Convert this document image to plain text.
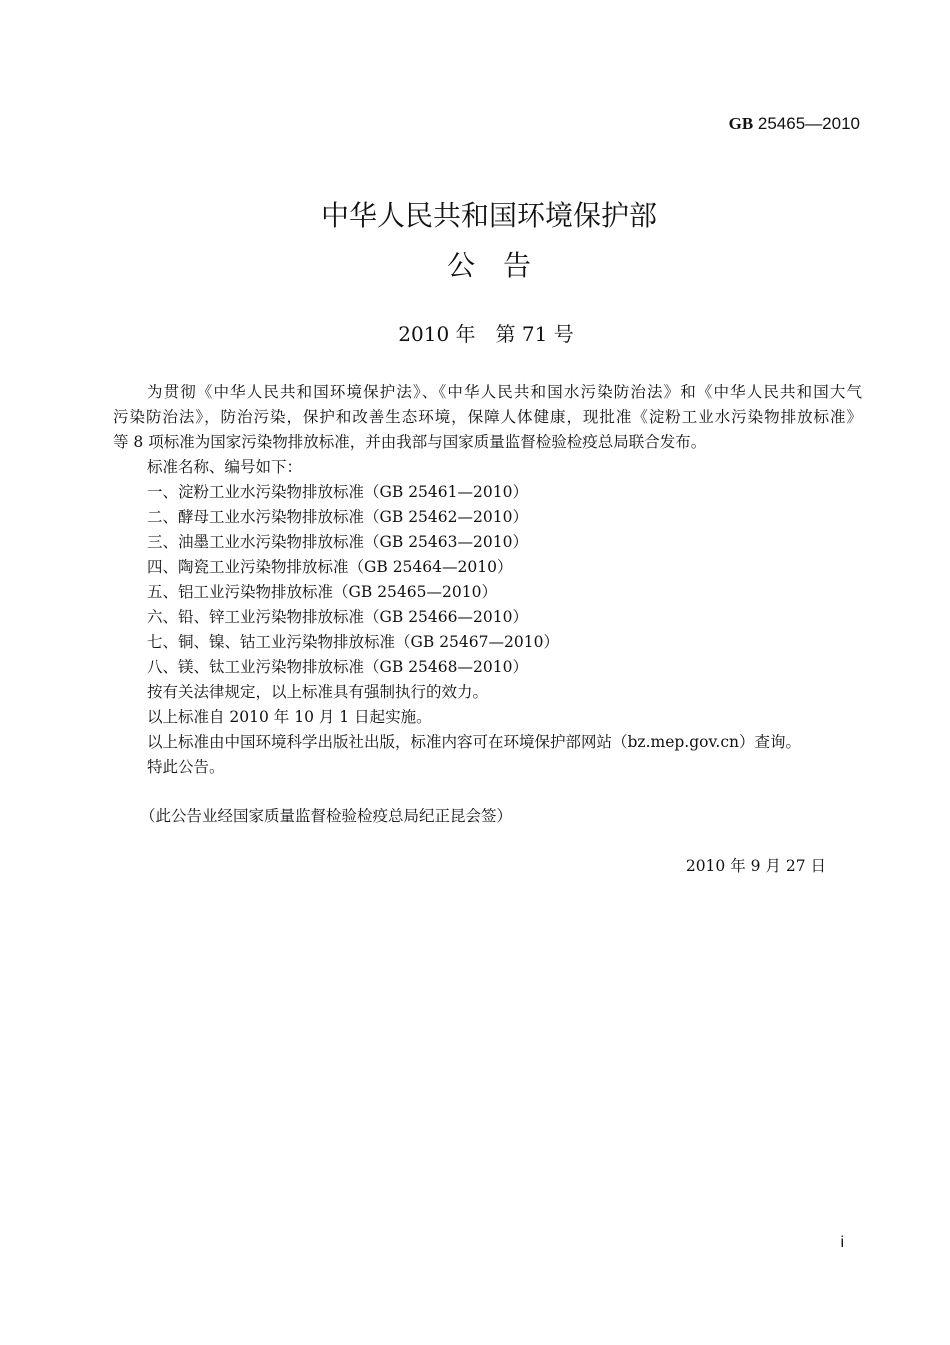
GB 25465—2010
中华人民共和国环境保护部
公　告
2010 年　第 71 号
为贯彻《中华人民共和国环境保护法》、《中华人民共和国水污染防治法》和《中华人民共和国大气
污染防治法》，防治污染，保护和改善生态环境，保障人体健康，现批准《淀粉工业水污染物排放标准》
等 8 项标准为国家污染物排放标准，并由我部与国家质量监督检验检疫总局联合发布。
标准名称、编号如下：
一、淀粉工业水污染物排放标准（GB 25461—2010）
二、酵母工业水污染物排放标准（GB 25462—2010）
三、油墨工业水污染物排放标准（GB 25463—2010）
四、陶瓷工业污染物排放标准（GB 25464—2010）
五、铝工业污染物排放标准（GB 25465—2010）
六、铅、锌工业污染物排放标准（GB 25466—2010）
七、铜、镍、钴工业污染物排放标准（GB 25467—2010）
八、镁、钛工业污染物排放标准（GB 25468—2010）
按有关法律规定，以上标准具有强制执行的效力。
以上标准自 2010 年 10 月 1 日起实施。
以上标准由中国环境科学出版社出版，标准内容可在环境保护部网站（bz.mep.gov.cn）查询。
特此公告。
（此公告业经国家质量监督检验检疫总局纪正昆会签）
2010 年 9 月 27 日
i
